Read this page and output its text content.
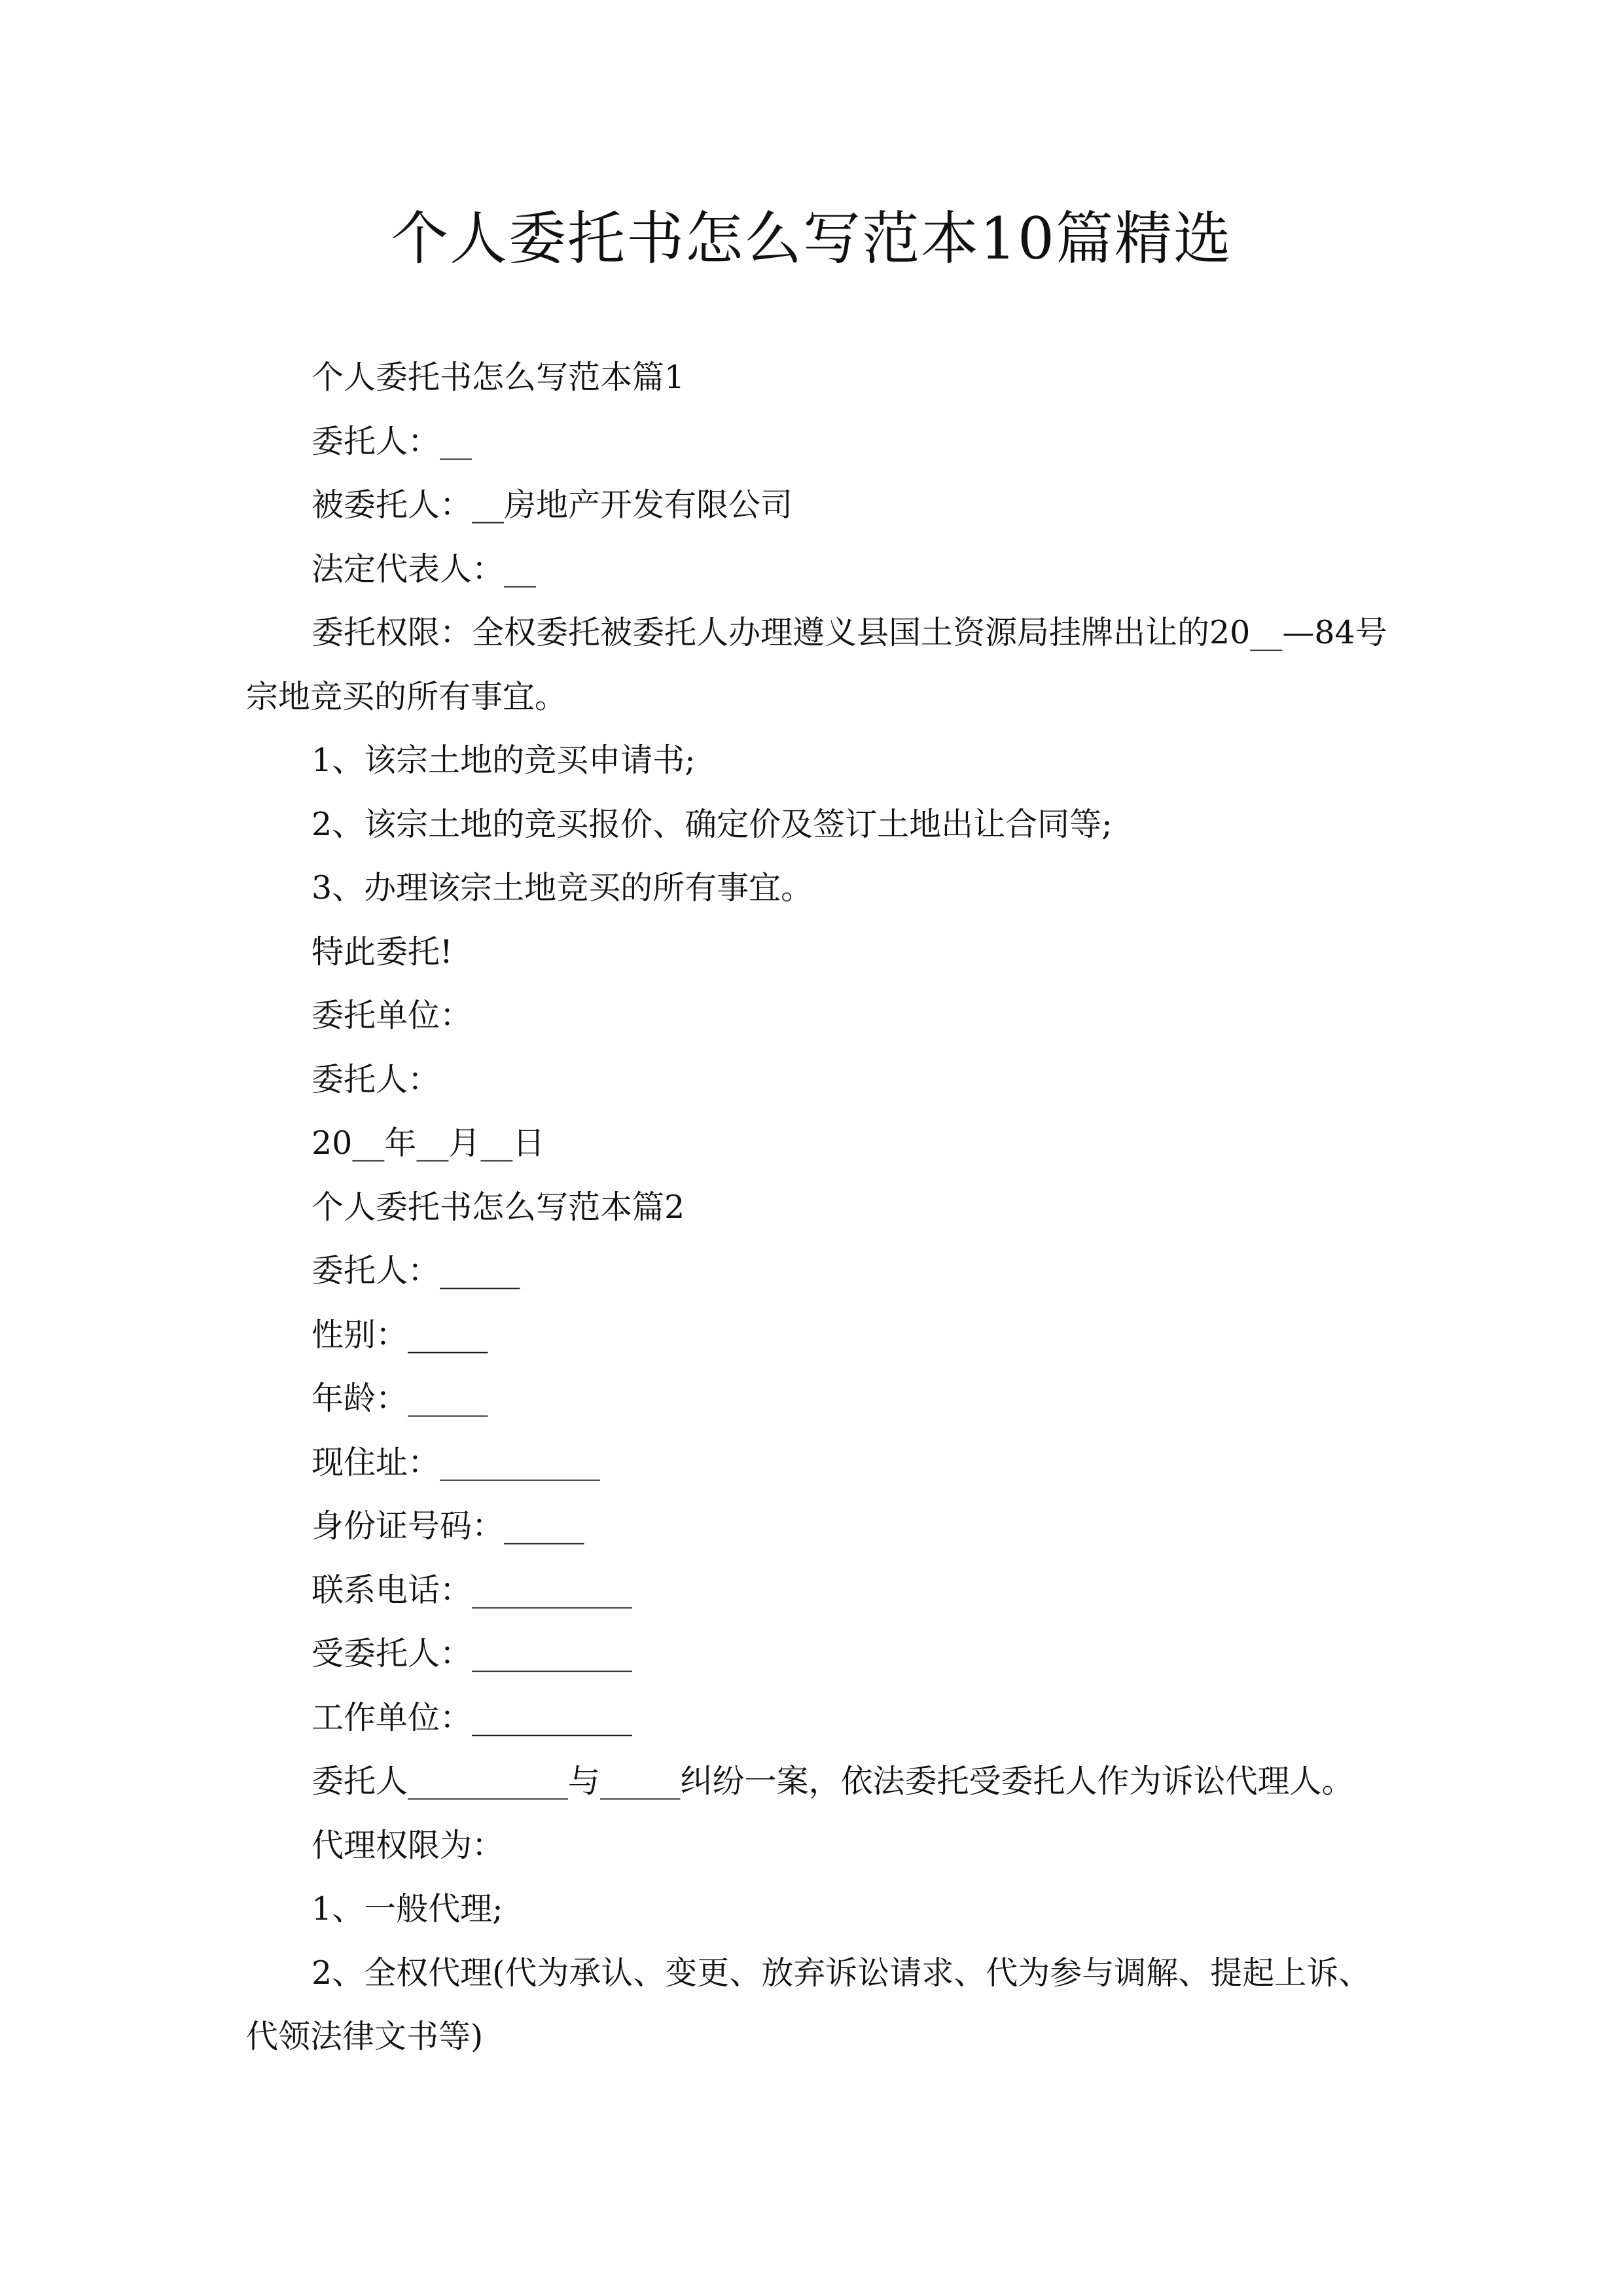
个人委托书怎么写范本10篇精选

个人委托书怎么写范本篇1

委托人：__

被委托人：__房地产开发有限公司

法定代表人：__

委托权限：全权委托被委托人办理遵义县国土资源局挂牌出让的20__—84号宗地竞买的所有事宜。

1、该宗土地的竞买申请书;

2、该宗土地的竞买报价、确定价及签订土地出让合同等;

3、办理该宗土地竞买的所有事宜。

特此委托!

委托单位：

委托人：

20__年__月__日

个人委托书怎么写范本篇2

委托人：_____

性别：_____

年龄：_____

现住址：__________

身份证号码：_____

联系电话：__________

受委托人：__________

工作单位：__________

委托人__________与_____纠纷一案，依法委托受委托人作为诉讼代理人。

代理权限为：

1、一般代理;

2、全权代理(代为承认、变更、放弃诉讼请求、代为参与调解、提起上诉、代领法律文书等)
